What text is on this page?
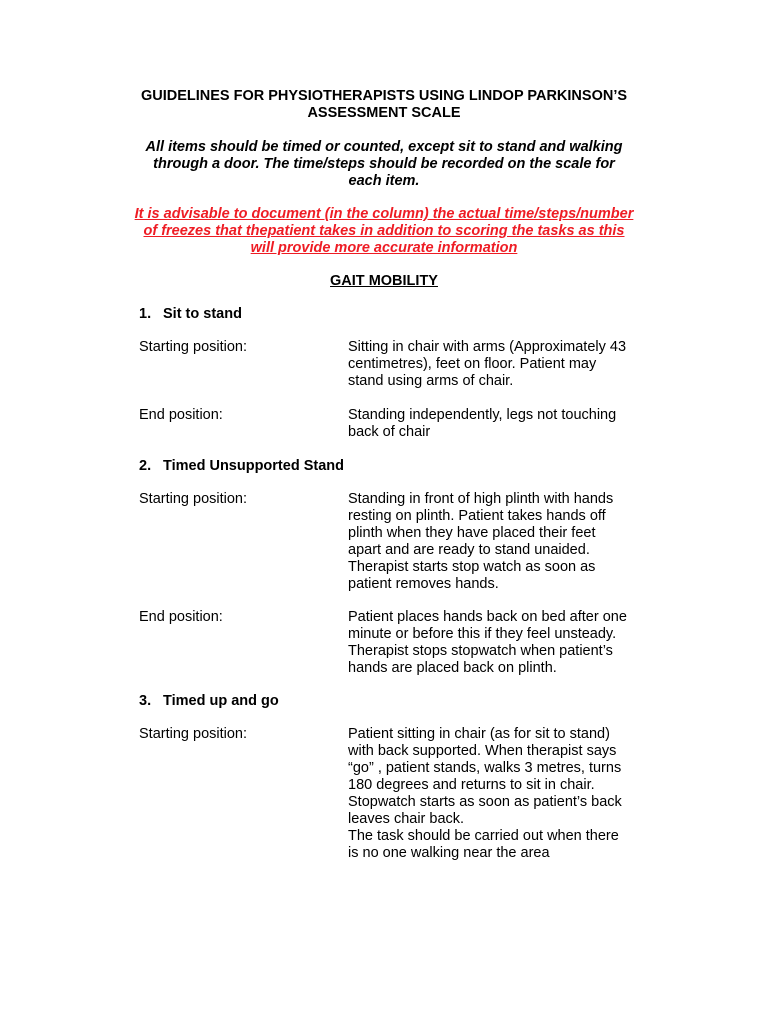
GUIDELINES FOR PHYSIOTHERAPISTS USING LINDOP PARKINSON’S
ASSESSMENT SCALE
All items should be timed or counted, except sit to stand and walking
through a door. The time/steps should be recorded on the scale for
each item.
It is advisable to document (in the column) the actual time/steps/number
of freezes that thepatient takes in addition to scoring the tasks as this
will provide more accurate information
GAIT MOBILITY
1. Sit to stand
Starting position:	Sitting in chair with arms (Approximately 43
centimetres), feet on floor. Patient may
stand using arms of chair.
End position:	Standing independently, legs not touching
back of chair
2. Timed Unsupported Stand
Starting position:	Standing in front of high plinth with hands
resting on plinth. Patient takes hands off
plinth when they have placed their feet
apart and are ready to stand unaided.
Therapist starts stop watch as soon as
patient removes hands.
End position:	Patient places hands back on bed after one
minute or before this if they feel unsteady.
Therapist stops stopwatch when patient’s
hands are placed back on plinth.
3. Timed up and go
Starting position:	Patient sitting in chair (as for sit to stand)
with back supported. When therapist says
“go” , patient stands, walks 3 metres, turns
180 degrees and returns to sit in chair.
Stopwatch starts as soon as patient’s back
leaves chair back.
The task should be carried out when there
is no one walking near the area
